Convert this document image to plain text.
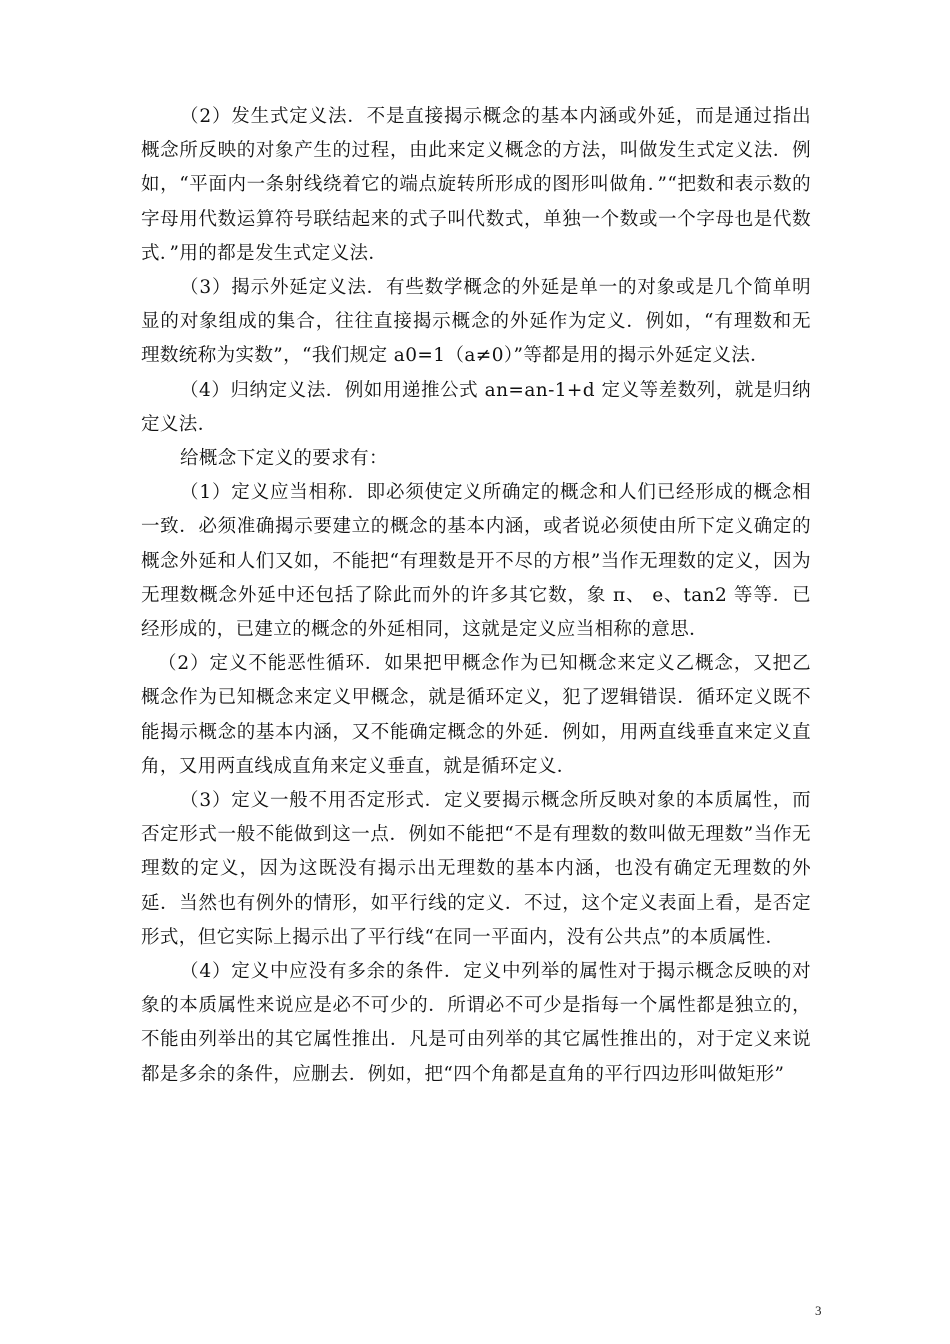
（2）发生式定义法．不是直接揭示概念的基本内涵或外延，而是通过指出概念所反映的对象产生的过程，由此来定义概念的方法，叫做发生式定义法．例如，“平面内一条射线绕着它的端点旋转所形成的图形叫做角．”“把数和表示数的字母用代数运算符号联结起来的式子叫代数式，单独一个数或一个字母也是代数式．”用的都是发生式定义法．

（3）揭示外延定义法．有些数学概念的外延是单一的对象或是几个简单明显的对象组成的集合，往往直接揭示概念的外延作为定义．例如，“有理数和无理数统称为实数”，“我们规定 a0=1（a≠0）”等都是用的揭示外延定义法．

（4）归纳定义法．例如用递推公式 an=an-1+d 定义等差数列，就是归纳定义法．

给概念下定义的要求有：

（1）定义应当相称．即必须使定义所确定的概念和人们已经形成的概念相一致．必须准确揭示要建立的概念的基本内涵，或者说必须使由所下定义确定的概念外延和人们又如，不能把“有理数是开不尽的方根”当作无理数的定义，因为无理数概念外延中还包括了除此而外的许多其它数，象 π、 e、tan2 等等．已经形成的，已建立的概念的外延相同，这就是定义应当相称的意思．

（2）定义不能恶性循环．如果把甲概念作为已知概念来定义乙概念，又把乙概念作为已知概念来定义甲概念，就是循环定义，犯了逻辑错误．循环定义既不能揭示概念的基本内涵，又不能确定概念的外延．例如，用两直线垂直来定义直角，又用两直线成直角来定义垂直，就是循环定义．

（3）定义一般不用否定形式．定义要揭示概念所反映对象的本质属性，而否定形式一般不能做到这一点．例如不能把“不是有理数的数叫做无理数”当作无理数的定义，因为这既没有揭示出无理数的基本内涵，也没有确定无理数的外延．当然也有例外的情形，如平行线的定义．不过，这个定义表面上看，是否定形式，但它实际上揭示出了平行线“在同一平面内，没有公共点”的本质属性．

（4）定义中应没有多余的条件．定义中列举的属性对于揭示概念反映的对象的本质属性来说应是必不可少的．所谓必不可少是指每一个属性都是独立的，不能由列举出的其它属性推出．凡是可由列举的其它属性推出的，对于定义来说都是多余的条件，应删去．例如，把“四个角都是直角的平行四边形叫做矩形”

3
